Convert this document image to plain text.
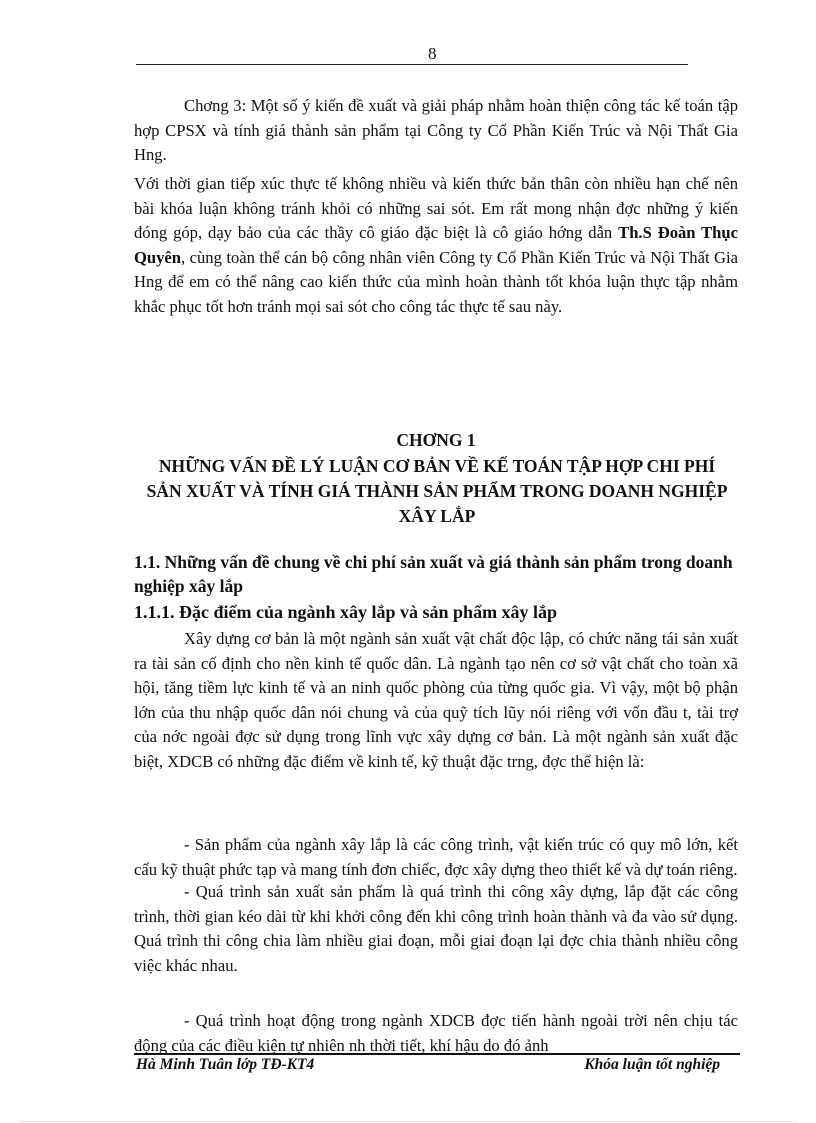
8

Chơng 3: Một số ý kiến đề xuất và giải pháp nhằm hoàn thiện công tác kế toán tập hợp CPSX và tính giá thành sản phẩm tại Công ty Cổ Phần Kiến Trúc và Nội Thất Gia Hng.

Với thời gian tiếp xúc thực tế không nhiều và kiến thức bản thân còn nhiều hạn chế nên bài khóa luận không tránh khỏi có những sai sót. Em rất mong nhận đợc những ý kiến đóng góp, dạy bảo của các thầy cô giáo đặc biệt là cô giáo hớng dẫn Th.S Đoàn Thục Quyên, cùng toàn thể cán bộ công nhân viên Công ty Cổ Phần Kiến Trúc và Nội Thất Gia Hng để em có thể nâng cao kiến thức của mình hoàn thành tốt khóa luận thực tập nhằm khắc phục tốt hơn tránh mọi sai sót cho công tác thực tế sau này.

CHƠNG 1

NHỮNG VẤN ĐỀ LÝ LUẬN CƠ BẢN VỀ KẾ TOÁN TẬP HỢP CHI PHÍ SẢN XUẤT VÀ TÍNH GIÁ THÀNH SẢN PHẨM TRONG DOANH NGHIỆP XÂY LẮP

1.1. Những vấn đề chung về chi phí sản xuất và giá thành sản phẩm trong doanh nghiệp xây lắp

1.1.1. Đặc điểm của ngành xây lắp và sản phẩm xây lắp

Xây dựng cơ bản là một ngành sản xuất vật chất độc lập, có chức năng tái sản xuất ra tài sản cố định cho nền kinh tế quốc dân. Là ngành tạo nên cơ sở vật chất cho toàn xã hội, tăng tiềm lực kinh tế và an ninh quốc phòng của từng quốc gia. Vì vậy, một bộ phận lớn của thu nhập quốc dân nói chung và của quỹ tích lũy nói riêng với vốn đầu t, tài trợ của nớc ngoài đợc sử dụng trong lĩnh vực xây dựng cơ bản. Là một ngành sản xuất đặc biệt, XDCB có những đặc điểm về kinh tế, kỹ thuật đặc trng, đợc thể hiện là:

- Sản phẩm của ngành xây lắp là các công trình, vật kiến trúc có quy mô lớn, kết cấu kỹ thuật phức tạp và mang tính đơn chiếc, đợc xây dựng theo thiết kế và dự toán riêng.

- Quá trình sản xuất sản phẩm là quá trình thi công xây dựng, lắp đặt các công trình, thời gian kéo dài từ khi khởi công đến khi công trình hoàn thành và đa vào sử dụng. Quá trình thi công chia làm nhiều giai đoạn, mỗi giai đoạn lại đợc chia thành nhiều công việc khác nhau.

- Quá trình hoạt động trong ngành XDCB đợc tiến hành ngoài trời nên chịu tác động của các điều kiện tự nhiên nh thời tiết, khí hậu do đó ảnh

Hà Minh Tuân lớp TĐ-KT4	Khóa luận tốt nghiệp
